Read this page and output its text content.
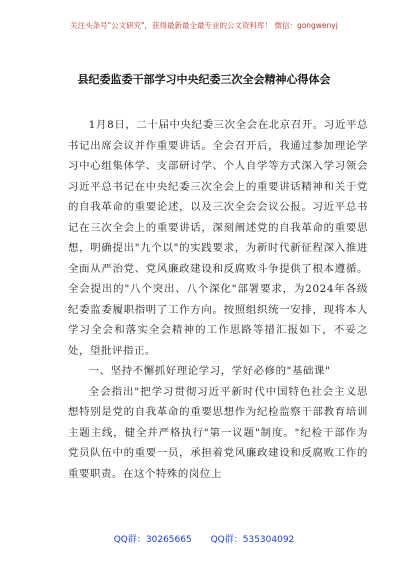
关注头条号"公文研究"，获得最新最全最专业的公文资料库！ 微信：gongwenyj
县纪委监委干部学习中央纪委三次全会精神心得体会

1月8日，二十届中央纪委三次全会在北京召开。习近平总书记出席会议并作重要讲话。全会召开后，我通过参加理论学习中心组集体学、支部研讨学、个人自学等方式深入学习领会习近平总书记在中央纪委三次全会上的重要讲话精神和关于党的自我革命的重要论述，以及三次全会会议公报。习近平总书记在三次全会上的重要讲话，深刻阐述党的自我革命的重要思想，明确提出"九个以"的实践要求，为新时代新征程深入推进全面从严治党、党风廉政建设和反腐败斗争提供了根本遵循。全会提出的"八个突出、八个深化"部署要求，为2024年各级纪委监委履职指明了工作方向。按照组织统一安排，现将本人学习全会和落实全会精神的工作思路等措汇报如下，不妥之处，望批评指正。

一、坚持不懈抓好理论学习，学好必修的"基础课"

全会指出"把学习贯彻习近平新时代中国特色社会主义思想特别是党的自我革命的重要思想作为纪检监察干部教育培训主题主线，健全并严格执行"第一议题"制度。"纪检干部作为党员队伍中的重要一员，承担着党风廉政建设和反腐败工作的重要职责。在这个特殊的岗位上

QQ群：30265665 QQ群：535304092
